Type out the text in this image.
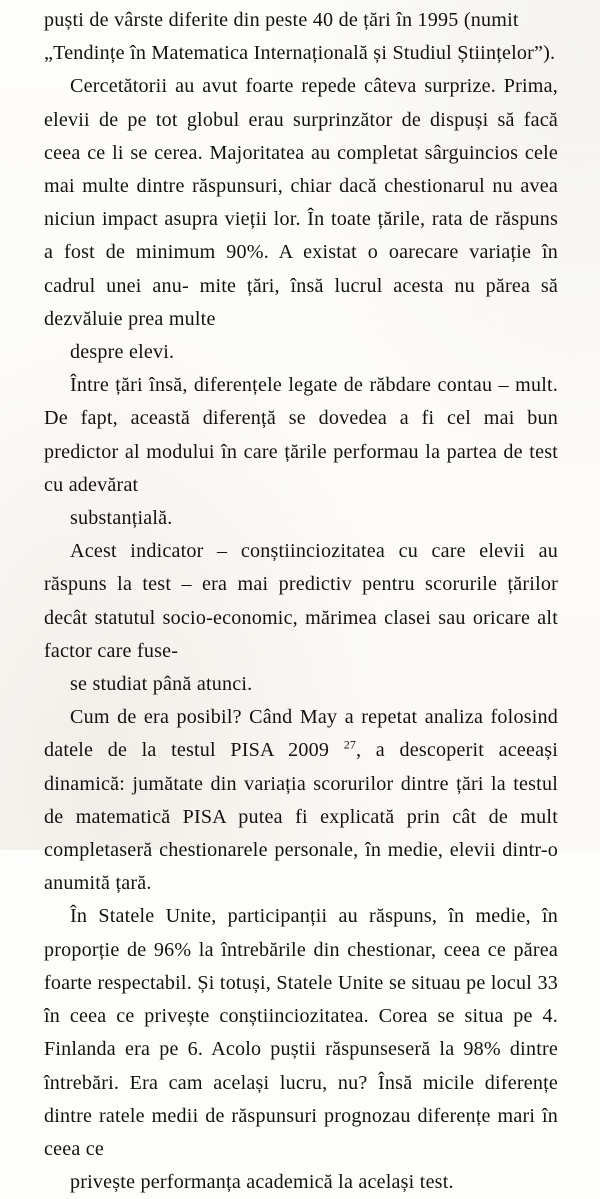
puști de vârste diferite din peste 40 de țări în 1995 (numit
„Tendințe în Matematica Internațională și Studiul Științelor”).

Cercetătorii au avut foarte repede câteva surprize. Prima, elevii de pe tot globul erau surprinzător de dispuși să facă ceea ce li se cerea. Majoritatea au completat sârguincios cele mai multe dintre răspunsuri, chiar dacă chestionarul nu avea niciun impact asupra vieții lor. În toate țările, rata de răspuns a fost de minimum 90%. A existat o oarecare variație în cadrul unei anu- mite țări, însă lucrul acesta nu părea să dezvăluie prea multe
despre elevi.

Între țări însă, diferențele legate de răbdare contau – mult. De fapt, această diferență se dovedea a fi cel mai bun predictor al modului în care țările performau la partea de test cu adevărat
substanțială.

Acest indicator – conștiinciozitatea cu care elevii au răspuns la test – era mai predictiv pentru scorurile țărilor decât statutul socio-economic, mărimea clasei sau oricare alt factor care fuse-
se studiat până atunci.

Cum de era posibil? Când May a repetat analiza folosind datele de la testul PISA 2009 $^{27}$, a descoperit aceeași dinamică: jumătate din variația scorurilor dintre țări la testul de matematică PISA putea fi explicată prin cât de mult completaseră chestionarele personale, în medie, elevii dintr-o anumită țară.

În Statele Unite, participanții au răspuns, în medie, în proporție de 96% la întrebările din chestionar, ceea ce părea foarte respectabil. Și totuși, Statele Unite se situau pe locul 33 în ceea ce privește conștiinciozitatea. Corea se situa pe 4. Finlanda era pe 6. Acolo puștii răspunseseră la 98% dintre întrebări. Era cam același lucru, nu? Însă micile diferențe dintre ratele medii de răspunsuri prognozau diferențe mari în ceea ce
privește performanța academică la același test.
